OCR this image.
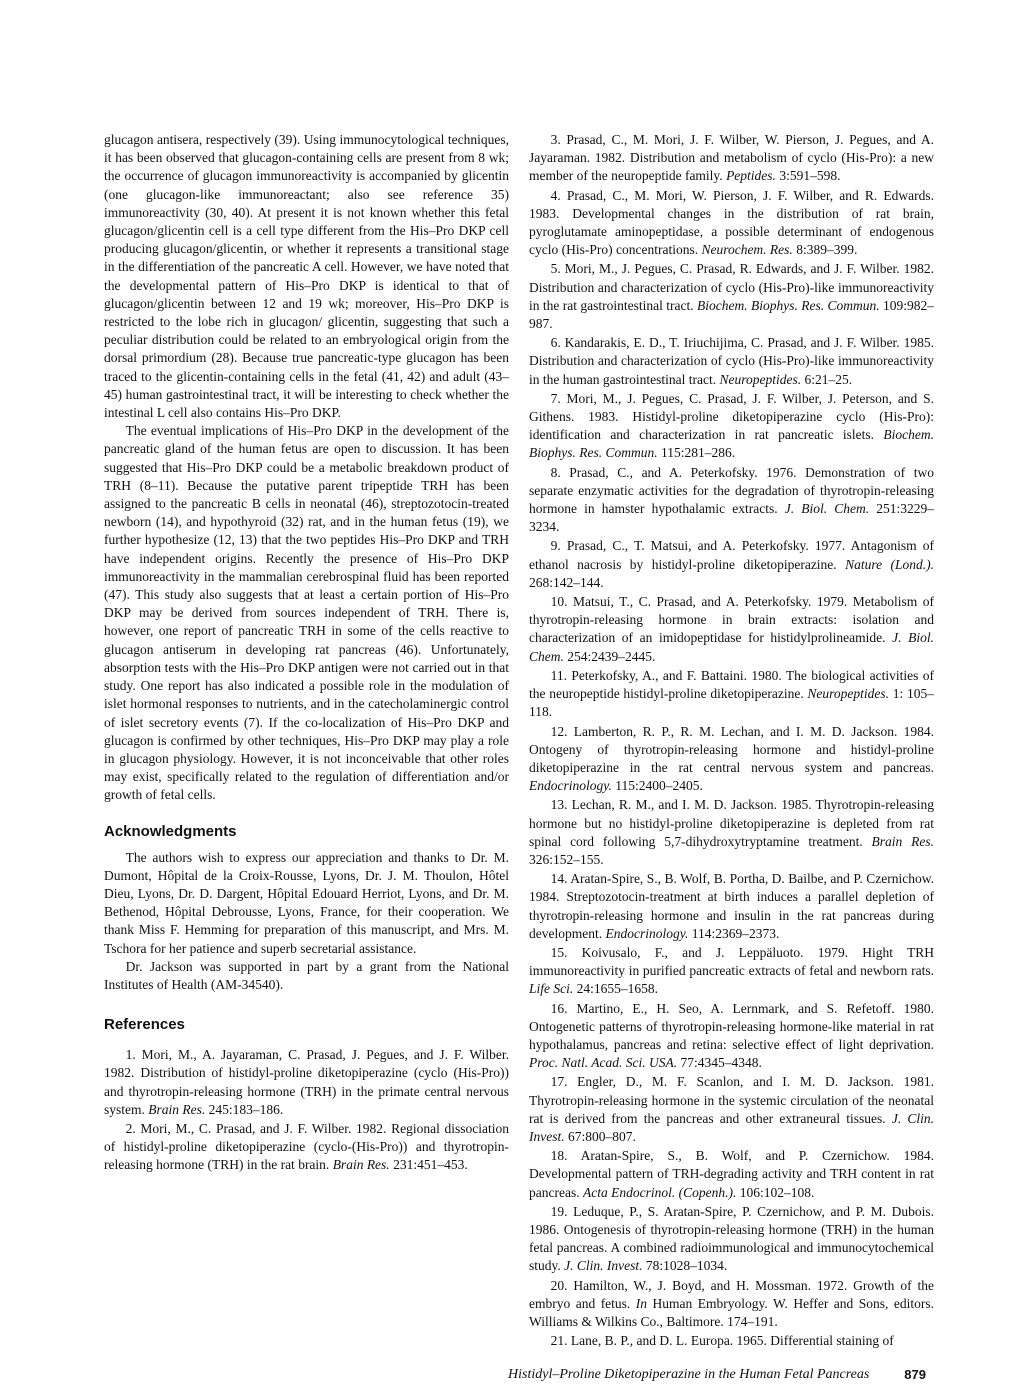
glucagon antisera, respectively (39). Using immunocytological techniques, it has been observed that glucagon-containing cells are present from 8 wk; the occurrence of glucagon immunoreactivity is accompanied by glicentin (one glucagon-like immunoreactant; also see reference 35) immunoreactivity (30, 40). At present it is not known whether this fetal glucagon/glicentin cell is a cell type different from the His–Pro DKP cell producing glucagon/glicentin, or whether it represents a transitional stage in the differentiation of the pancreatic A cell. However, we have noted that the developmental pattern of His–Pro DKP is identical to that of glucagon/glicentin between 12 and 19 wk; moreover, His–Pro DKP is restricted to the lobe rich in glucagon/ glicentin, suggesting that such a peculiar distribution could be related to an embryological origin from the dorsal primordium (28). Because true pancreatic-type glucagon has been traced to the glicentin-containing cells in the fetal (41, 42) and adult (43–45) human gastrointestinal tract, it will be interesting to check whether the intestinal L cell also contains His–Pro DKP.

The eventual implications of His–Pro DKP in the development of the pancreatic gland of the human fetus are open to discussion. It has been suggested that His–Pro DKP could be a metabolic breakdown product of TRH (8–11). Because the putative parent tripeptide TRH has been assigned to the pancreatic B cells in neonatal (46), streptozotocin-treated newborn (14), and hypothyroid (32) rat, and in the human fetus (19), we further hypothesize (12, 13) that the two peptides His–Pro DKP and TRH have independent origins. Recently the presence of His–Pro DKP immunoreactivity in the mammalian cerebrospinal fluid has been reported (47). This study also suggests that at least a certain portion of His–Pro DKP may be derived from sources independent of TRH. There is, however, one report of pancreatic TRH in some of the cells reactive to glucagon antiserum in developing rat pancreas (46). Unfortunately, absorption tests with the His–Pro DKP antigen were not carried out in that study. One report has also indicated a possible role in the modulation of islet hormonal responses to nutrients, and in the catecholaminergic control of islet secretory events (7). If the co-localization of His–Pro DKP and glucagon is confirmed by other techniques, His–Pro DKP may play a role in glucagon physiology. However, it is not inconceivable that other roles may exist, specifically related to the regulation of differentiation and/or growth of fetal cells.

Acknowledgments

The authors wish to express our appreciation and thanks to Dr. M. Dumont, Hôpital de la Croix-Rousse, Lyons, Dr. J. M. Thoulon, Hôtel Dieu, Lyons, Dr. D. Dargent, Hôpital Edouard Herriot, Lyons, and Dr. M. Bethenod, Hôpital Debrousse, Lyons, France, for their cooperation. We thank Miss F. Hemming for preparation of this manuscript, and Mrs. M. Tschora for her patience and superb secretarial assistance.

Dr. Jackson was supported in part by a grant from the National Institutes of Health (AM-34540).

References

1. Mori, M., A. Jayaraman, C. Prasad, J. Pegues, and J. F. Wilber. 1982. Distribution of histidyl-proline diketopiperazine (cyclo (His-Pro)) and thyrotropin-releasing hormone (TRH) in the primate central nervous system. Brain Res. 245:183–186.

2. Mori, M., C. Prasad, and J. F. Wilber. 1982. Regional dissociation of histidyl-proline diketopiperazine (cyclo-(His-Pro)) and thyrotropin-releasing hormone (TRH) in the rat brain. Brain Res. 231:451–453.

3. Prasad, C., M. Mori, J. F. Wilber, W. Pierson, J. Pegues, and A. Jayaraman. 1982. Distribution and metabolism of cyclo (His-Pro): a new member of the neuropeptide family. Peptides. 3:591–598.

4. Prasad, C., M. Mori, W. Pierson, J. F. Wilber, and R. Edwards. 1983. Developmental changes in the distribution of rat brain, pyroglutamate aminopeptidase, a possible determinant of endogenous cyclo (His-Pro) concentrations. Neurochem. Res. 8:389–399.

5. Mori, M., J. Pegues, C. Prasad, R. Edwards, and J. F. Wilber. 1982. Distribution and characterization of cyclo (His-Pro)-like immunoreactivity in the rat gastrointestinal tract. Biochem. Biophys. Res. Commun. 109:982–987.

6. Kandarakis, E. D., T. Iriuchijima, C. Prasad, and J. F. Wilber. 1985. Distribution and characterization of cyclo (His-Pro)-like immunoreactivity in the human gastrointestinal tract. Neuropeptides. 6:21–25.

7. Mori, M., J. Pegues, C. Prasad, J. F. Wilber, J. Peterson, and S. Githens. 1983. Histidyl-proline diketopiperazine cyclo (His-Pro): identification and characterization in rat pancreatic islets. Biochem. Biophys. Res. Commun. 115:281–286.

8. Prasad, C., and A. Peterkofsky. 1976. Demonstration of two separate enzymatic activities for the degradation of thyrotropin-releasing hormone in hamster hypothalamic extracts. J. Biol. Chem. 251:3229–3234.

9. Prasad, C., T. Matsui, and A. Peterkofsky. 1977. Antagonism of ethanol nacrosis by histidyl-proline diketopiperazine. Nature (Lond.). 268:142–144.

10. Matsui, T., C. Prasad, and A. Peterkofsky. 1979. Metabolism of thyrotropin-releasing hormone in brain extracts: isolation and characterization of an imidopeptidase for histidylprolineamide. J. Biol. Chem. 254:2439–2445.

11. Peterkofsky, A., and F. Battaini. 1980. The biological activities of the neuropeptide histidyl-proline diketopiperazine. Neuropeptides. 1: 105–118.

12. Lamberton, R. P., R. M. Lechan, and I. M. D. Jackson. 1984. Ontogeny of thyrotropin-releasing hormone and histidyl-proline diketopiperazine in the rat central nervous system and pancreas. Endocrinology. 115:2400–2405.

13. Lechan, R. M., and I. M. D. Jackson. 1985. Thyrotropin-releasing hormone but no histidyl-proline diketopiperazine is depleted from rat spinal cord following 5,7-dihydroxytryptamine treatment. Brain Res. 326:152–155.

14. Aratan-Spire, S., B. Wolf, B. Portha, D. Bailbe, and P. Czernichow. 1984. Streptozotocin-treatment at birth induces a parallel depletion of thyrotropin-releasing hormone and insulin in the rat pancreas during development. Endocrinology. 114:2369–2373.

15. Koivusalo, F., and J. Leppäluoto. 1979. Hight TRH immunoreactivity in purified pancreatic extracts of fetal and newborn rats. Life Sci. 24:1655–1658.

16. Martino, E., H. Seo, A. Lernmark, and S. Refetoff. 1980. Ontogenetic patterns of thyrotropin-releasing hormone-like material in rat hypothalamus, pancreas and retina: selective effect of light deprivation. Proc. Natl. Acad. Sci. USA. 77:4345–4348.

17. Engler, D., M. F. Scanlon, and I. M. D. Jackson. 1981. Thyrotropin-releasing hormone in the systemic circulation of the neonatal rat is derived from the pancreas and other extraneural tissues. J. Clin. Invest. 67:800–807.

18. Aratan-Spire, S., B. Wolf, and P. Czernichow. 1984. Developmental pattern of TRH-degrading activity and TRH content in rat pancreas. Acta Endocrinol. (Copenh.). 106:102–108.

19. Leduque, P., S. Aratan-Spire, P. Czernichow, and P. M. Dubois. 1986. Ontogenesis of thyrotropin-releasing hormone (TRH) in the human fetal pancreas. A combined radioimmunological and immunocytochemical study. J. Clin. Invest. 78:1028–1034.

20. Hamilton, W., J. Boyd, and H. Mossman. 1972. Growth of the embryo and fetus. In Human Embryology. W. Heffer and Sons, editors. Williams & Wilkins Co., Baltimore. 174–191.

21. Lane, B. P., and D. L. Europa. 1965. Differential staining of

Histidyl–Proline Diketopiperazine in the Human Fetal Pancreas	879
